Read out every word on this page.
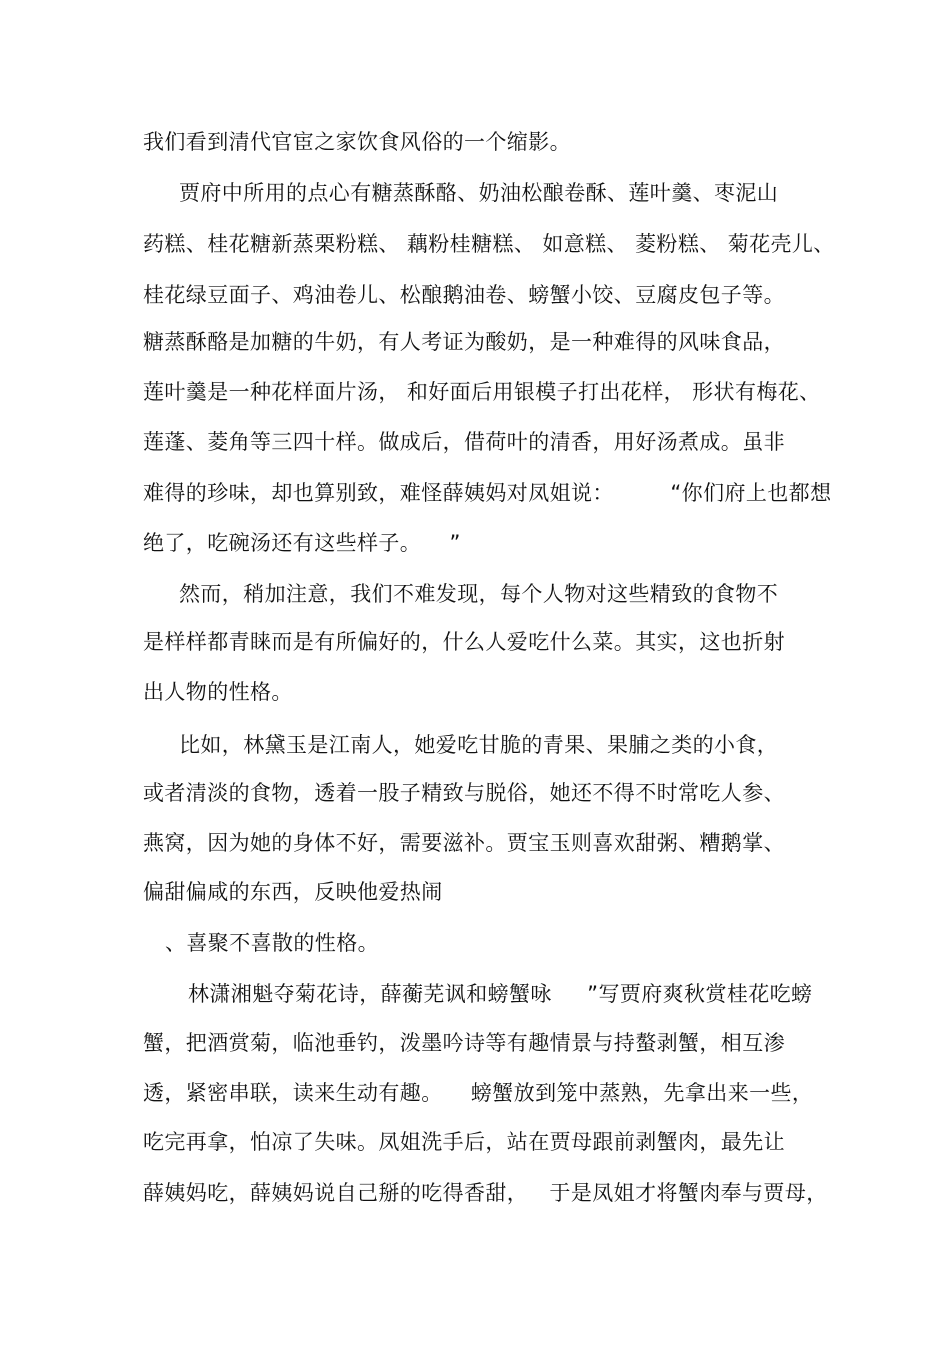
我们看到清代官宦之家饮食风俗的一个缩影。
贾府中所用的点心有糖蒸酥酪、奶油松酿卷酥、莲叶羹、枣泥山
药糕、桂花糖新蒸栗粉糕、 藕粉桂糖糕、 如意糕、 菱粉糕、 菊花壳儿、
桂花绿豆面子、鸡油卷儿、松酿鹅油卷、螃蟹小饺、豆腐皮包子等。
糖蒸酥酪是加糖的牛奶，有人考证为酸奶，是一种难得的风味食品，
莲叶羹是一种花样面片汤， 和好面后用银模子打出花样， 形状有梅花、
莲蓬、菱角等三四十样。做成后，借荷叶的清香，用好汤煮成。虽非
难得的珍味，却也算别致，难怪薛姨妈对凤姐说：        “你们府上也都想
绝了，吃碗汤还有这些样子。    ”
然而，稍加注意，我们不难发现，每个人物对这些精致的食物不
是样样都青睐而是有所偏好的，什么人爱吃什么菜。其实，这也折射
出人物的性格。
比如，林黛玉是江南人，她爱吃甘脆的青果、果脯之类的小食，
或者清淡的食物，透着一股子精致与脱俗，她还不得不时常吃人参、
燕窝，因为她的身体不好，需要滋补。贾宝玉则喜欢甜粥、糟鹅掌、
偏甜偏咸的东西，反映他爱热闹
、喜聚不喜散的性格。
林潇湘魁夺菊花诗，薛蘅芜讽和螃蟹咏     ”写贾府爽秋赏桂花吃螃
蟹，把酒赏菊，临池垂钓，泼墨吟诗等有趣情景与持螯剥蟹，相互渗
透，紧密串联，读来生动有趣。    螃蟹放到笼中蒸熟，先拿出来一些，
吃完再拿，怕凉了失味。凤姐洗手后，站在贾母跟前剥蟹肉，最先让
薛姨妈吃，薛姨妈说自己掰的吃得香甜，   于是凤姐才将蟹肉奉与贾母，
